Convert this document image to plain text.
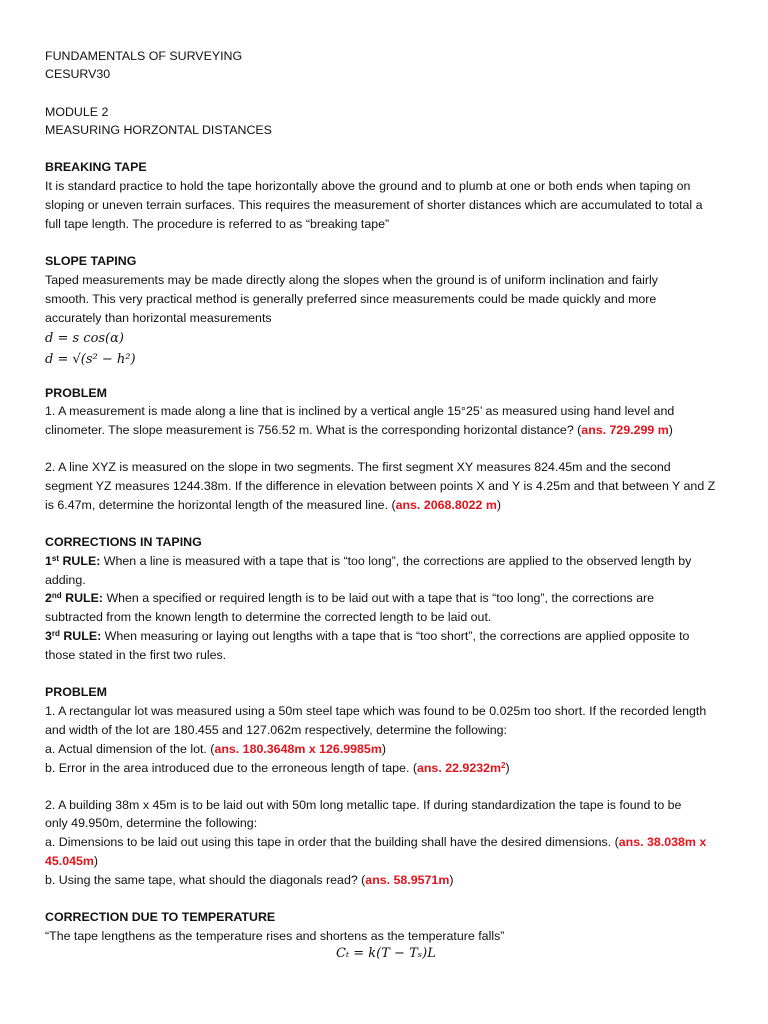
FUNDAMENTALS OF SURVEYING
CESURV30
MODULE 2
MEASURING HORZONTAL DISTANCES
BREAKING TAPE
It is standard practice to hold the tape horizontally above the ground and to plumb at one or both ends when taping on
sloping or uneven terrain surfaces. This requires the measurement of shorter distances which are accumulated to total a
full tape length. The procedure is referred to as “breaking tape”
SLOPE TAPING
Taped measurements may be made directly along the slopes when the ground is of uniform inclination and fairly
smooth. This very practical method is generally preferred since measurements could be made quickly and more
accurately than horizontal measurements
d = s cos(α)
d = √(s² − h²)
PROBLEM
1. A measurement is made along a line that is inclined by a vertical angle 15°25’ as measured using hand level and
clinometer. The slope measurement is 756.52 m. What is the corresponding horizontal distance? (ans. 729.299 m)
2. A line XYZ is measured on the slope in two segments. The first segment XY measures 824.45m and the second
segment YZ measures 1244.38m. If the difference in elevation between points X and Y is 4.25m and that between Y and Z
is 6.47m, determine the horizontal length of the measured line. (ans. 2068.8022 m)
CORRECTIONS IN TAPING
1st RULE: When a line is measured with a tape that is “too long”, the corrections are applied to the observed length by
adding.
2nd RULE: When a specified or required length is to be laid out with a tape that is “too long”, the corrections are
subtracted from the known length to determine the corrected length to be laid out.
3rd RULE: When measuring or laying out lengths with a tape that is “too short”, the corrections are applied opposite to
those stated in the first two rules.
PROBLEM
1. A rectangular lot was measured using a 50m steel tape which was found to be 0.025m too short. If the recorded length
and width of the lot are 180.455 and 127.062m respectively, determine the following:
a. Actual dimension of the lot. (ans. 180.3648m x 126.9985m)
b. Error in the area introduced due to the erroneous length of tape. (ans. $22.9232m^2$)
2. A building 38m x 45m is to be laid out with 50m long metallic tape. If during standardization the tape is found to be
only 49.950m, determine the following:
a. Dimensions to be laid out using this tape in order that the building shall have the desired dimensions. (ans. 38.038m x
45.045m)
b. Using the same tape, what should the diagonals read? (ans. 58.9571m)
CORRECTION DUE TO TEMPERATURE
“The tape lengthens as the temperature rises and shortens as the temperature falls”
Cₜ = k(T − Tₛ)L
